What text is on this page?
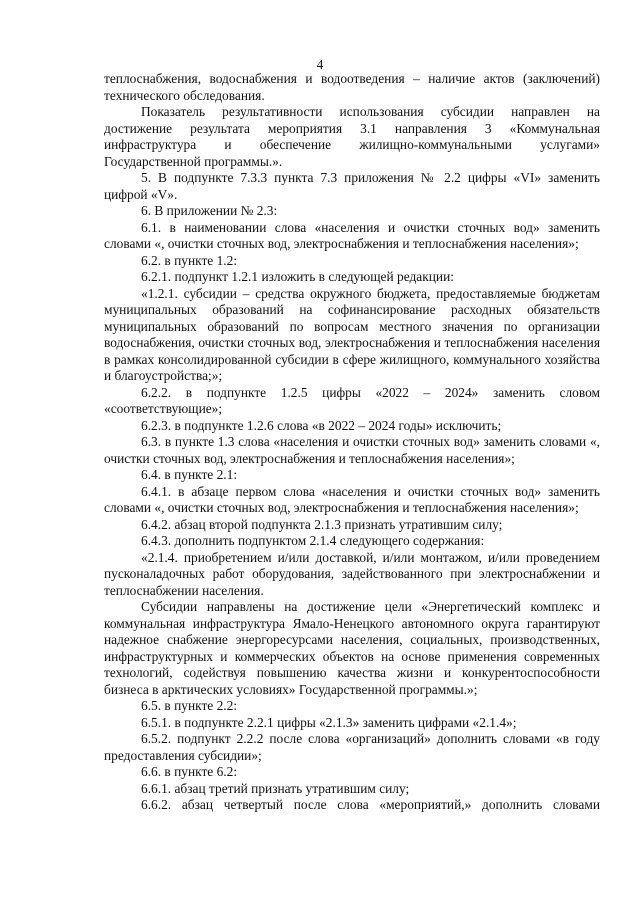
4

теплоснабжения, водоснабжения и водоотведения – наличие актов (заключений) технического обследования.

Показатель результативности использования субсидии направлен на достижение результата мероприятия 3.1 направления 3 «Коммунальная инфраструктура и обеспечение жилищно-коммунальными услугами» Государственной программы.».

5. В подпункте 7.3.3 пункта 7.3 приложения № 2.2 цифры «VI» заменить цифрой «V».

6. В приложении № 2.3:

6.1. в наименовании слова «населения и очистки сточных вод» заменить словами «, очистки сточных вод, электроснабжения и теплоснабжения населения»;

6.2. в пункте 1.2:

6.2.1. подпункт 1.2.1 изложить в следующей редакции:

«1.2.1. субсидии – средства окружного бюджета, предоставляемые бюджетам муниципальных образований на софинансирование расходных обязательств муниципальных образований по вопросам местного значения по организации водоснабжения, очистки сточных вод, электроснабжения и теплоснабжения населения в рамках консолидированной субсидии в сфере жилищного, коммунального хозяйства и благоустройства;»;

6.2.2. в подпункте 1.2.5 цифры «2022 – 2024» заменить словом «соответствующие»;

6.2.3. в подпункте 1.2.6 слова «в 2022 – 2024 годы» исключить;

6.3. в пункте 1.3 слова «населения и очистки сточных вод» заменить словами «, очистки сточных вод, электроснабжения и теплоснабжения населения»;

6.4. в пункте 2.1:

6.4.1. в абзаце первом слова «населения и очистки сточных вод» заменить словами «, очистки сточных вод, электроснабжения и теплоснабжения населения»;

6.4.2. абзац второй подпункта 2.1.3 признать утратившим силу;

6.4.3. дополнить подпунктом 2.1.4 следующего содержания:

«2.1.4. приобретением и/или доставкой, и/или монтажом, и/или проведением пусконаладочных работ оборудования, задействованного при электроснабжении и теплоснабжении населения.

Субсидии направлены на достижение цели «Энергетический комплекс и коммунальная инфраструктура Ямало-Ненецкого автономного округа гарантируют надежное снабжение энергоресурсами населения, социальных, производственных, инфраструктурных и коммерческих объектов на основе применения современных технологий, содействуя повышению качества жизни и конкурентоспособности бизнеса в арктических условиях» Государственной программы.»;

6.5. в пункте 2.2:

6.5.1. в подпункте 2.2.1 цифры «2.1.3» заменить цифрами «2.1.4»;

6.5.2. подпункт 2.2.2 после слова «организаций» дополнить словами «в году предоставления субсидии»;

6.6. в пункте 6.2:

6.6.1. абзац третий признать утратившим силу;

6.6.2. абзац четвертый после слова «мероприятий,» дополнить словами
